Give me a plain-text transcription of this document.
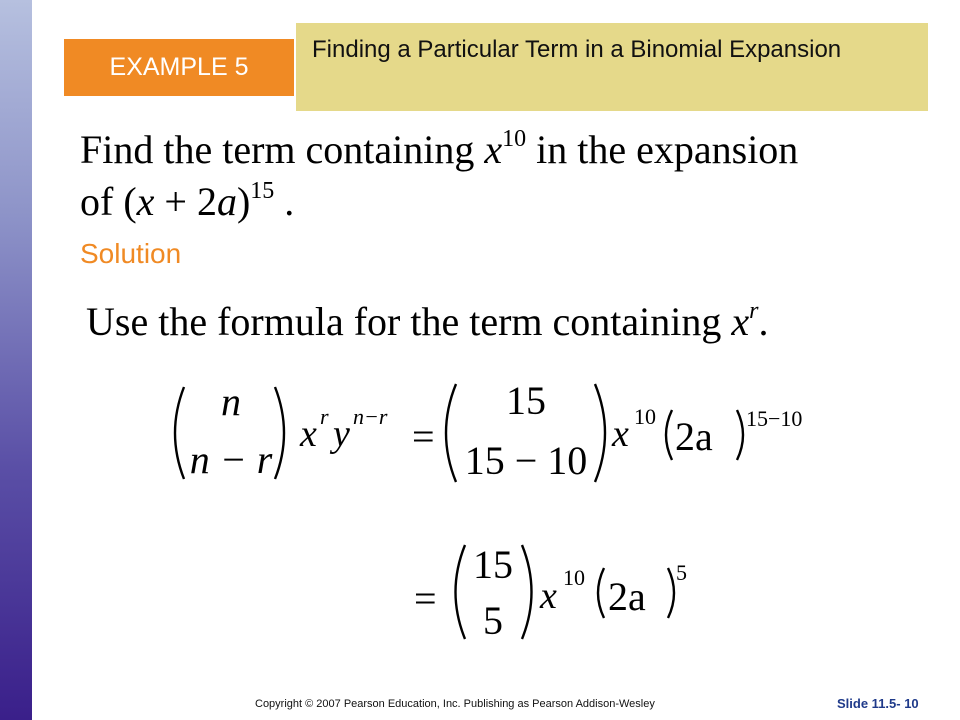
EXAMPLE 5
Finding a Particular Term in a Binomial Expansion
Find the term containing $x^{10}$ in the expansion
of $(x + 2a)^{15}$ .
Solution
Use the formula for the term containing $x^r$.
n
n − r
x r y n−r =
15
15 − 10
x 10 2a 15−10
=
15
5
x 10 2a
5
Copyright © 2007 Pearson Education, Inc. Publishing as Pearson Addison-Wesley	Slide 11.5- 10
